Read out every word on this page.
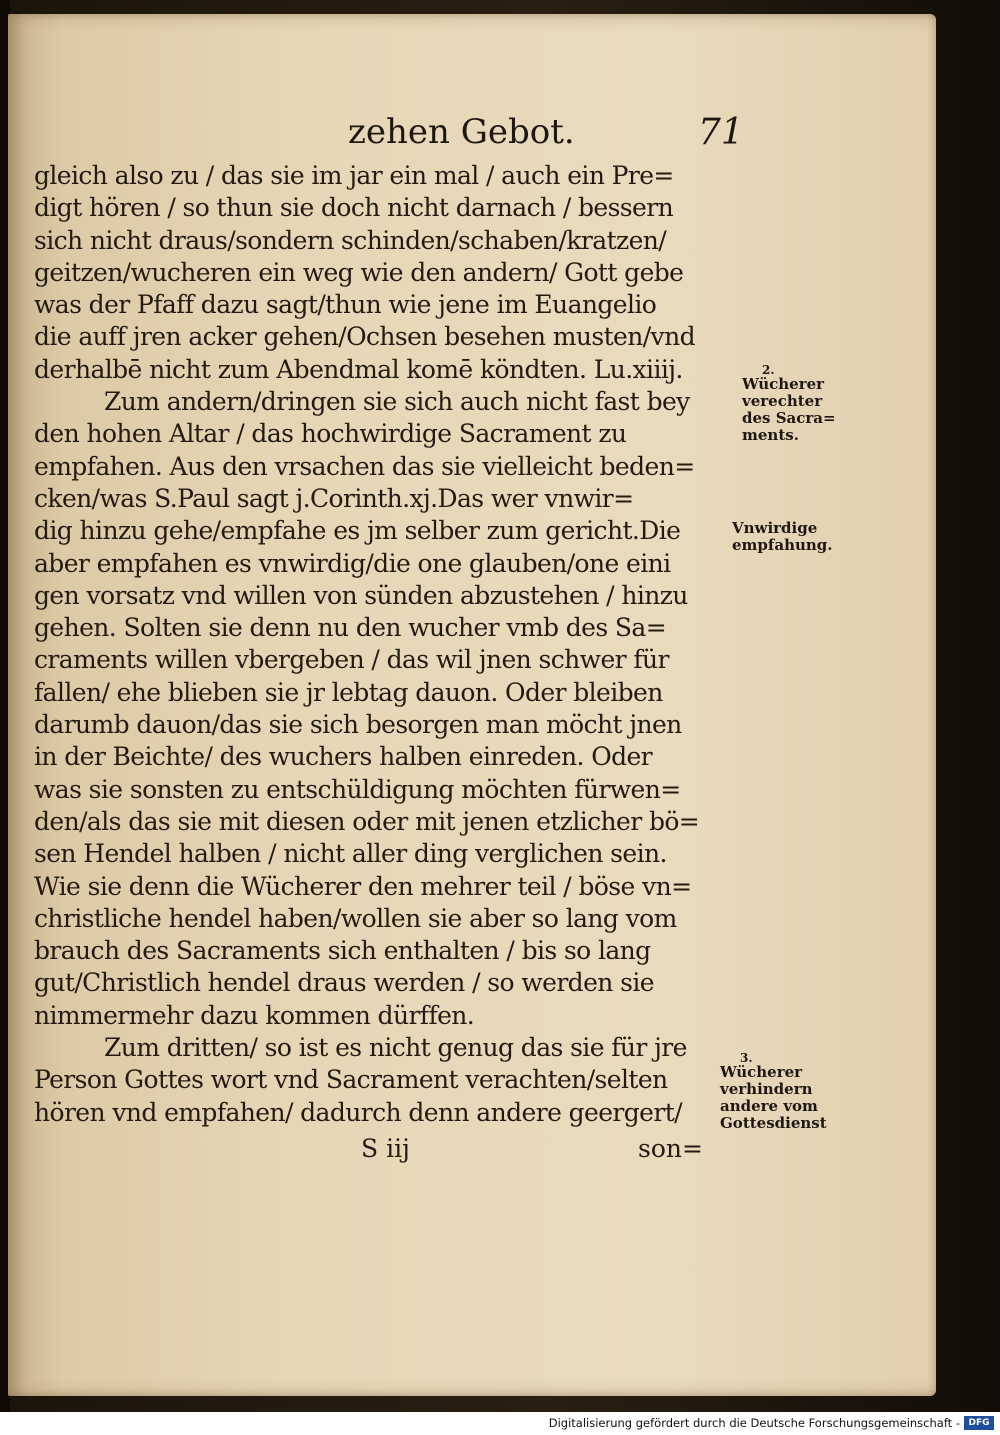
zehen Gebot.	71
gleich also zu / das sie im jar ein mal / auch ein Pre=
digt hören / so thun sie doch nicht darnach / bessern
sich nicht draus/sondern schinden/schaben/kratzen/
geitzen/wucheren ein weg wie den andern/ Gott gebe
was der Pfaff dazu sagt/thun wie jene im Euangelio
die auff jren acker gehen/Ochsen besehen musten/vnd
derhalbē nicht zum Abendmal komē köndten. Lu.xiiij.
Zum andern/dringen sie sich auch nicht fast bey
den hohen Altar / das hochwirdige Sacrament zu
empfahen. Aus den vrsachen das sie vielleicht beden=
cken/was S.Paul sagt j.Corinth.xj.Das wer vnwir=
dig hinzu gehe/empfahe es jm selber zum gericht.Die
aber empfahen es vnwirdig/die one glauben/one eini
gen vorsatz vnd willen von sünden abzustehen / hinzu
gehen. Solten sie denn nu den wucher vmb des Sa=
craments willen vbergeben / das wil jnen schwer für
fallen/ ehe blieben sie jr lebtag dauon. Oder bleiben
darumb dauon/das sie sich besorgen man möcht jnen
in der Beichte/ des wuchers halben einreden. Oder
was sie sonsten zu entschüldigung möchten fürwen=
den/als das sie mit diesen oder mit jenen etzlicher bö=
sen Hendel halben / nicht aller ding verglichen sein.
Wie sie denn die Wücherer den mehrer teil / böse vn=
christliche hendel haben/wollen sie aber so lang vom
brauch des Sacraments sich enthalten / bis so lang
gut/Christlich hendel draus werden / so werden sie
nimmermehr dazu kommen dürffen.
Zum dritten/ so ist es nicht genug das sie für jre
Person Gottes wort vnd Sacrament verachten/selten
hören vnd empfahen/ dadurch denn andere geergert/
S iij	son=
2.
Wücherer
verechter
des Sacra=
ments.
Vnwirdige
empfahung.
3.
Wücherer
verhindern
andere vom
Gottesdienst
Digitalisierung gefördert durch die Deutsche Forschungsgemeinschaft - DFG
